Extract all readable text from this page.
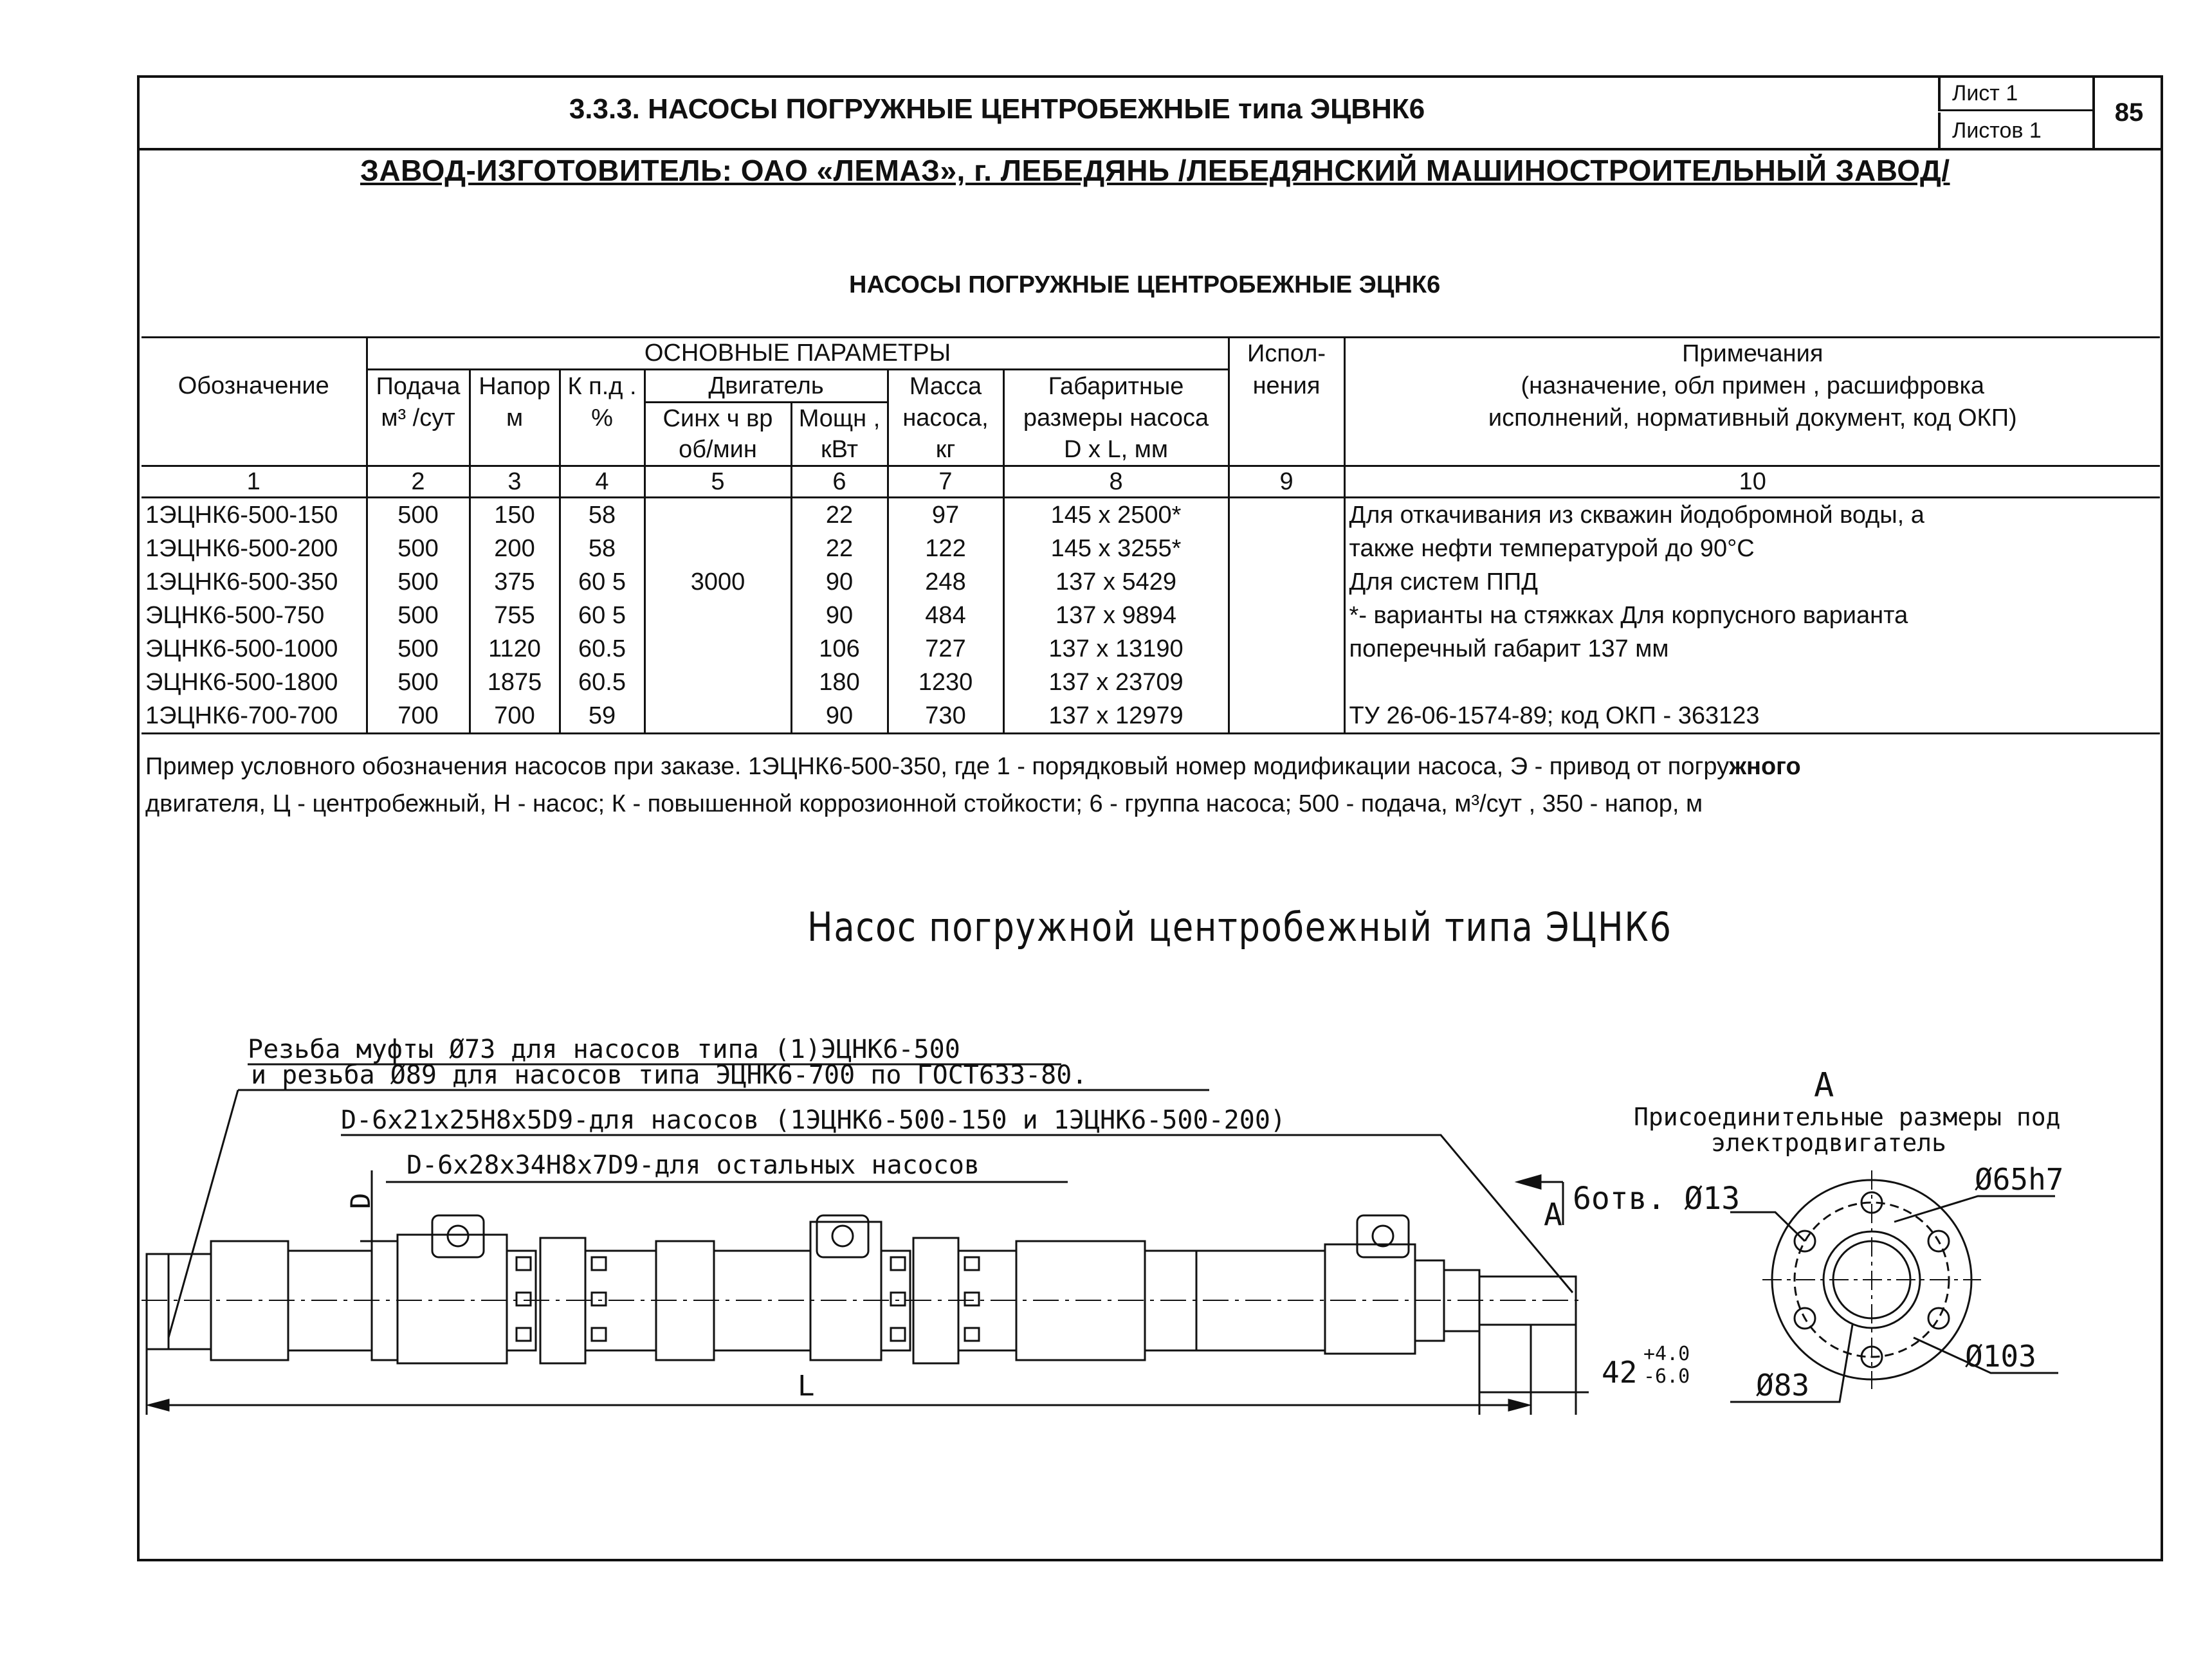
3.3.3. НАСОСЫ ПОГРУЖНЫЕ ЦЕНТРОБЕЖНЫЕ типа ЭЦВНК6	Лист 1
Листов 1
85
ЗАВОД-ИЗГОТОВИТЕЛЬ: ОАО «ЛЕМАЗ», г. ЛЕБЕДЯНЬ /ЛЕБЕДЯНСКИЙ МАШИНОСТРОИТЕЛЬНЫЙ ЗАВОД/
НАСОСЫ ПОГРУЖНЫЕ ЦЕНТРОБЕЖНЫЕ ЭЦНК6
	ОСНОВНЫЕ ПАРАМЕТРЫ							Испол-	Примечания
Обозначение	Подача	Напор	К п.д .	Двигатель		Масса	Габаритные	нения	(назначение, обл примен , расшифровка
	м³ /сут	м	%	Синх ч вр	Мощн ,	насоса,	размеры насоса		исполнений, нормативный документ, код ОКП)
				об/мин	кВт	кг	D x L, мм		
1	2	3	4	5	6	7	8	9	10
1ЭЦНК6-500-150	500	150	58		22	97	145 x 2500*		Для откачивания из скважин йодобромной воды, а
1ЭЦНК6-500-200	500	200	58		22	122	145 x 3255*		также нефти температурой до 90°С
1ЭЦНК6-500-350	500	375	60 5	3000	90	248	137 x 5429		Для систем ППД
ЭЦНК6-500-750	500	755	60 5		90	484	137 x 9894		*- варианты на стяжках Для корпусного варианта
ЭЦНК6-500-1000	500	1120	60.5		106	727	137 x 13190		поперечный габарит 137 мм
ЭЦНК6-500-1800	500	1875	60.5		180	1230	137 x 23709		
1ЭЦНК6-700-700	700	700	59		90	730	137 x 12979		ТУ 26-06-1574-89; код ОКП - 363123
Пример условного обозначения насосов при заказе. 1ЭЦНК6-500-350, где 1 - порядковый номер модификации насоса, Э - привод от погружного
двигателя, Ц - центробежный, Н - насос; К - повышенной коррозионной стойкости; 6 - группа насоса; 500 - подача, м³/сут , 350 - напор, м
Насос погружной центробежный типа ЭЦНК6
Резьба муфты Ø73 для насосов типа (1)ЭЦНК6-500
и резьба Ø89 для насосов типа ЭЦНК6-700 по ГОСТ633-80.
D-6x21x25H8x5D9-для насосов (1ЭЦНК6-500-150 и 1ЭЦНК6-500-200)
D-6x28x34H8x7D9-для остальных насосов
D
L
A 6отв. Ø13
42
+4.0
-6.0
A
Присоединительные размеры под
электродвигатель
Ø65h7
Ø103
Ø83
